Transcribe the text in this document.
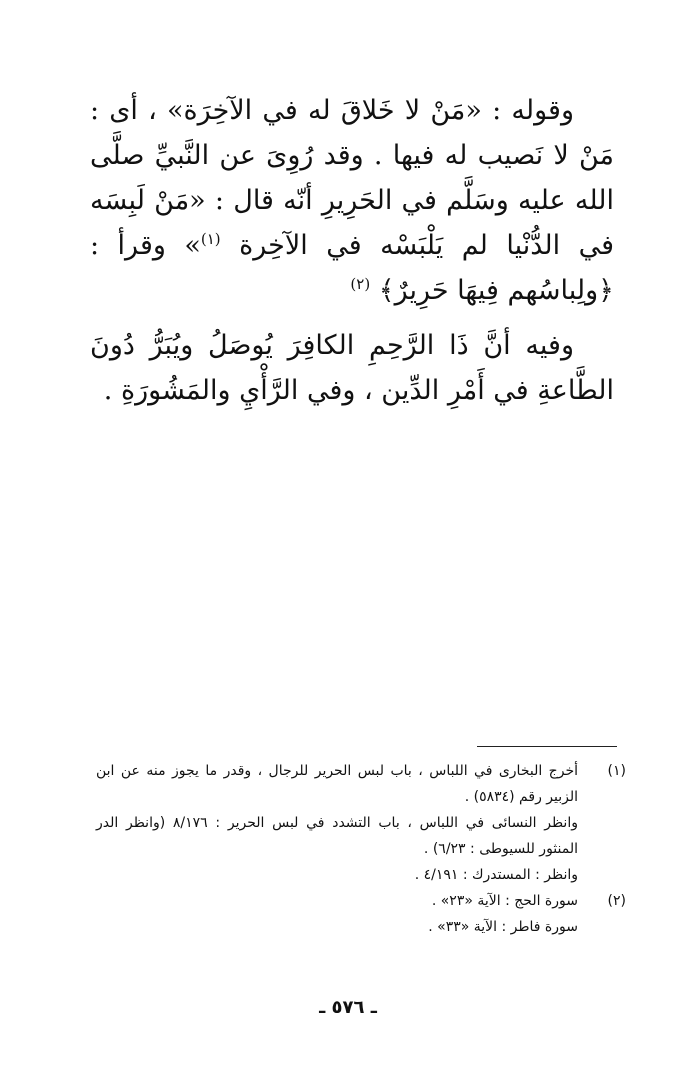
وقوله : «مَنْ لا خَلاقَ له في الآخِرَة» ، أى : مَنْ لا نَصيب له فيها . وقد رُوِىَ عن النَّبيِّ صلَّى الله عليه وسَلَّم في الحَرِيرِ أنّه قال : «مَنْ لَبِسَه في الدُّنْيا لم يَلْبَسْه في الآخِرة $^{(١)}$» وقرأ : ﴿ولِباسُهم فِيهَا حَرِيرٌ﴾ $^{(٢)}$

وفيه أنَّ ذَا الرَّحِمِ الكافِرَ يُوصَلُ ويُبَرُّ دُونَ الطَّاعةِ في أَمْرِ الدِّين ، وفي الرَّأْيِ والمَشُورَةِ .

(١)
أخرج البخارى في اللباس ، باب لبس الحرير للرجال ، وقدر ما يجوز منه عن ابن الزبير رقم (٥٨٣٤) .
وانظر النسائى في اللباس ، باب التشدد في لبس الحرير : ٨/١٧٦ (وانظر الدر المنثور للسيوطى : ٦/٢٣) .
وانظر : المستدرك : ٤/١٩١ .
(٢)
سورة الحج : الآية «٢٣» .
سورة فاطر : الآية «٣٣» .
ـ ٥٧٦ ـ
